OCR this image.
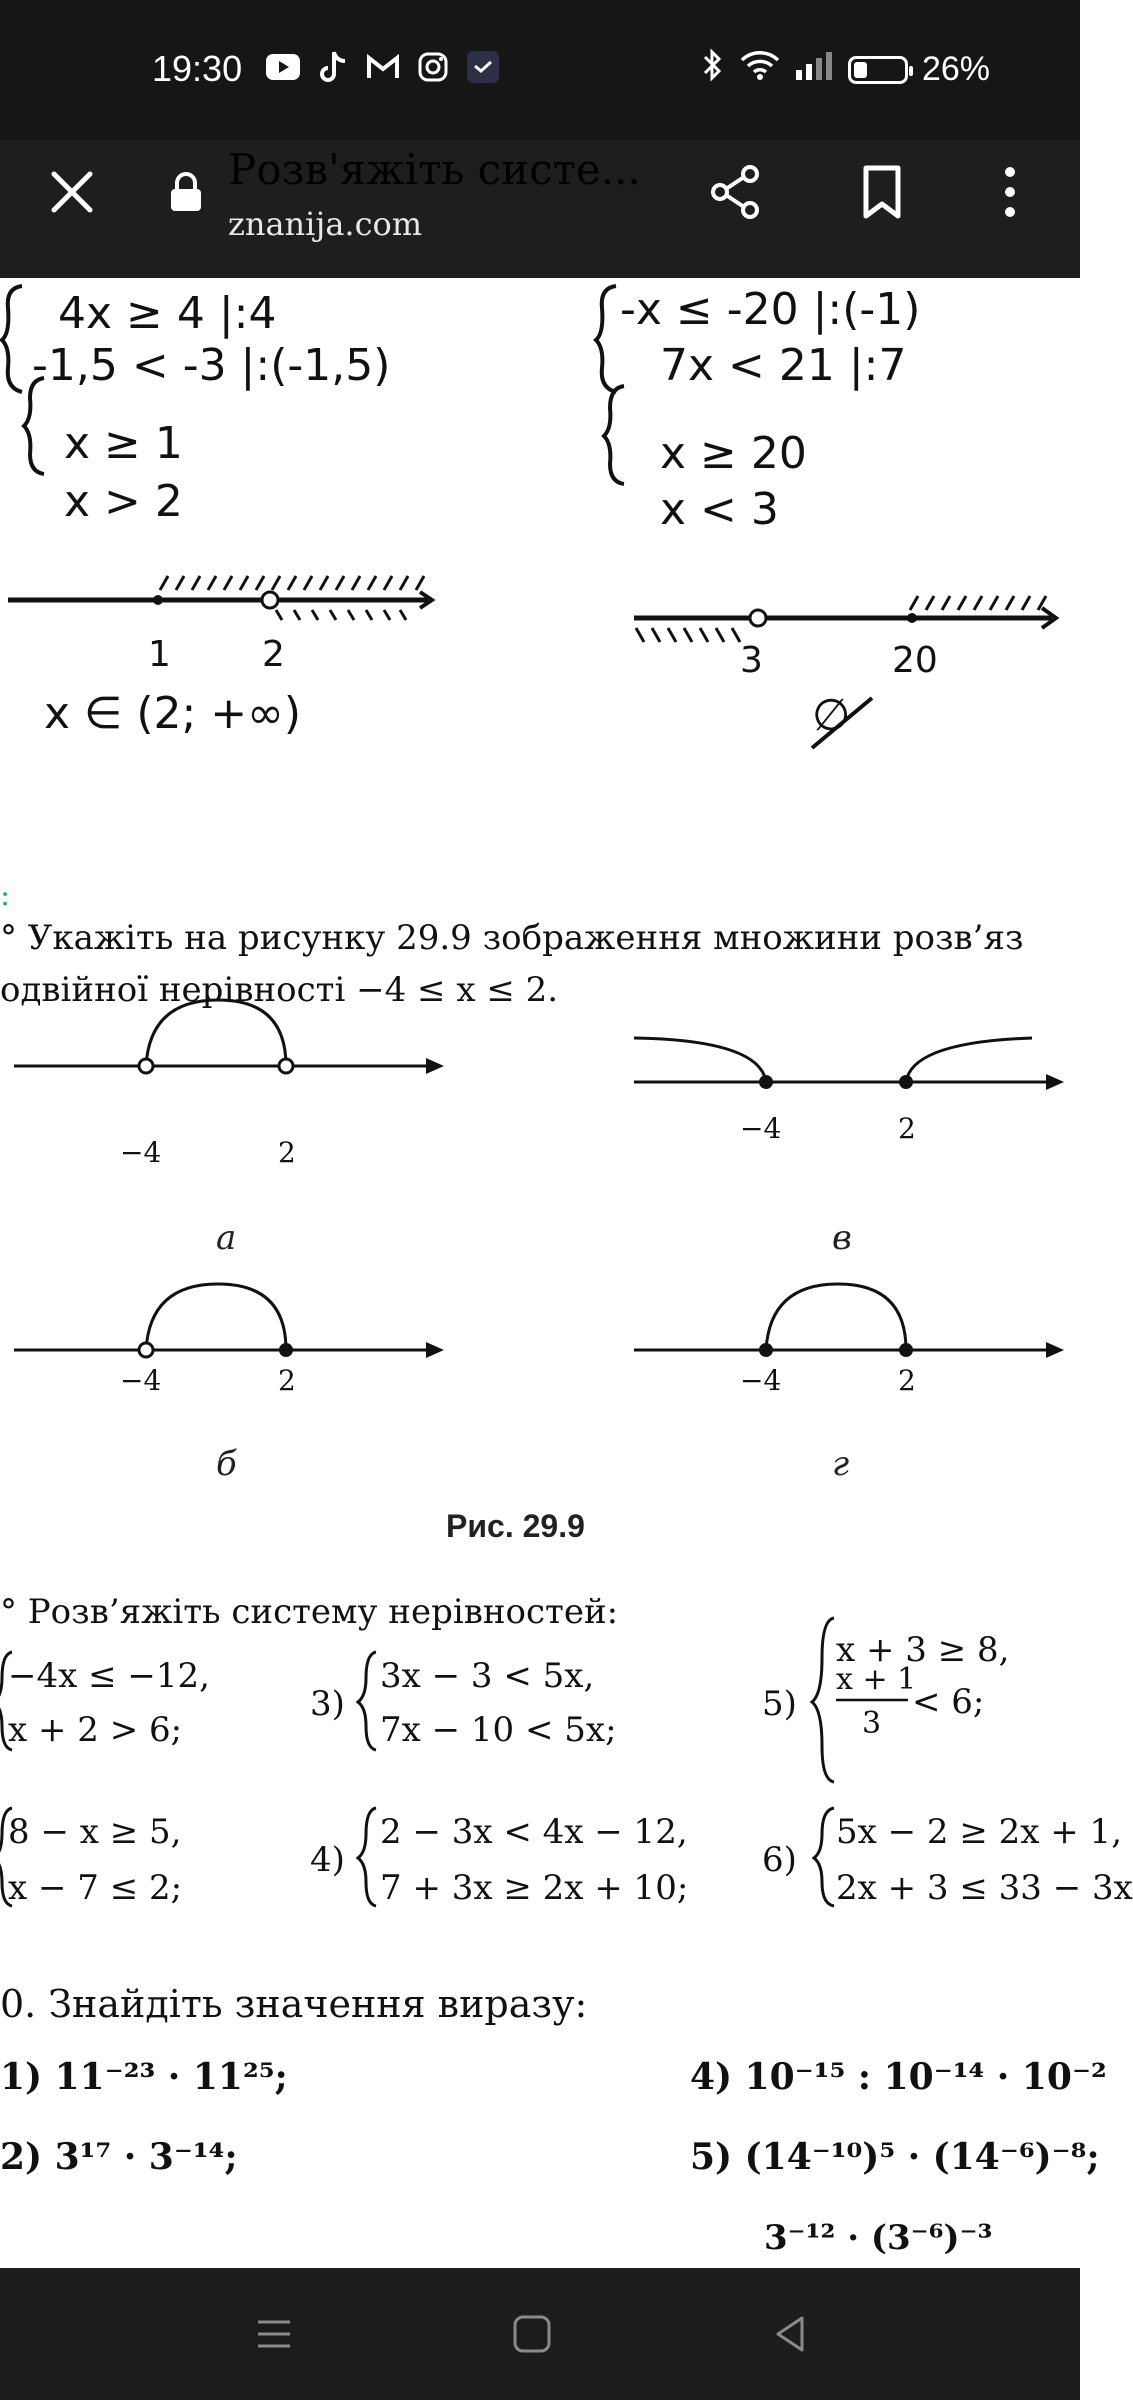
19:30	26%
Розв'яжіть систе...
znanija.com
4x ≥ 4 |:4
-1,5 < -3 |:(-1,5)
x ≥ 1
x > 2
1	2
x ∈ (2; +∞)
-x ≤ -20 |:(-1)
7x < 21 |:7
x ≥ 20
x < 3
3	20
∅
:
° Укажіть на рисунку 29.9 зображення множини розв’яз
одвійної нерівності −4 ≤ x ≤ 2.
−4	2
а
−4	2
в
−4	2
б
−4	2
г
Рис. 29.9
° Розв’яжіть систему нерівностей:
−4x ≤ −12,
x + 2 > 6;
8 − x ≥ 5,
x − 7 ≤ 2;
3)
3x − 3 < 5x,
7x − 10 < 5x;
4)
2 − 3x < 4x − 12,
7 + 3x ≥ 2x + 10;
5)
x + 3 ≥ 8,
x + 1
3
< 6;
6)
5x − 2 ≥ 2x + 1,
2x + 3 ≤ 33 − 3x
0. Знайдіть значення виразу:
1) 11⁻²³ · 11²⁵;
2) 3¹⁷ · 3⁻¹⁴;
4) 10⁻¹⁵ : 10⁻¹⁴ · 10⁻²
5) (14⁻¹⁰)⁵ · (14⁻⁶)⁻⁸;
3⁻¹² · (3⁻⁶)⁻³
